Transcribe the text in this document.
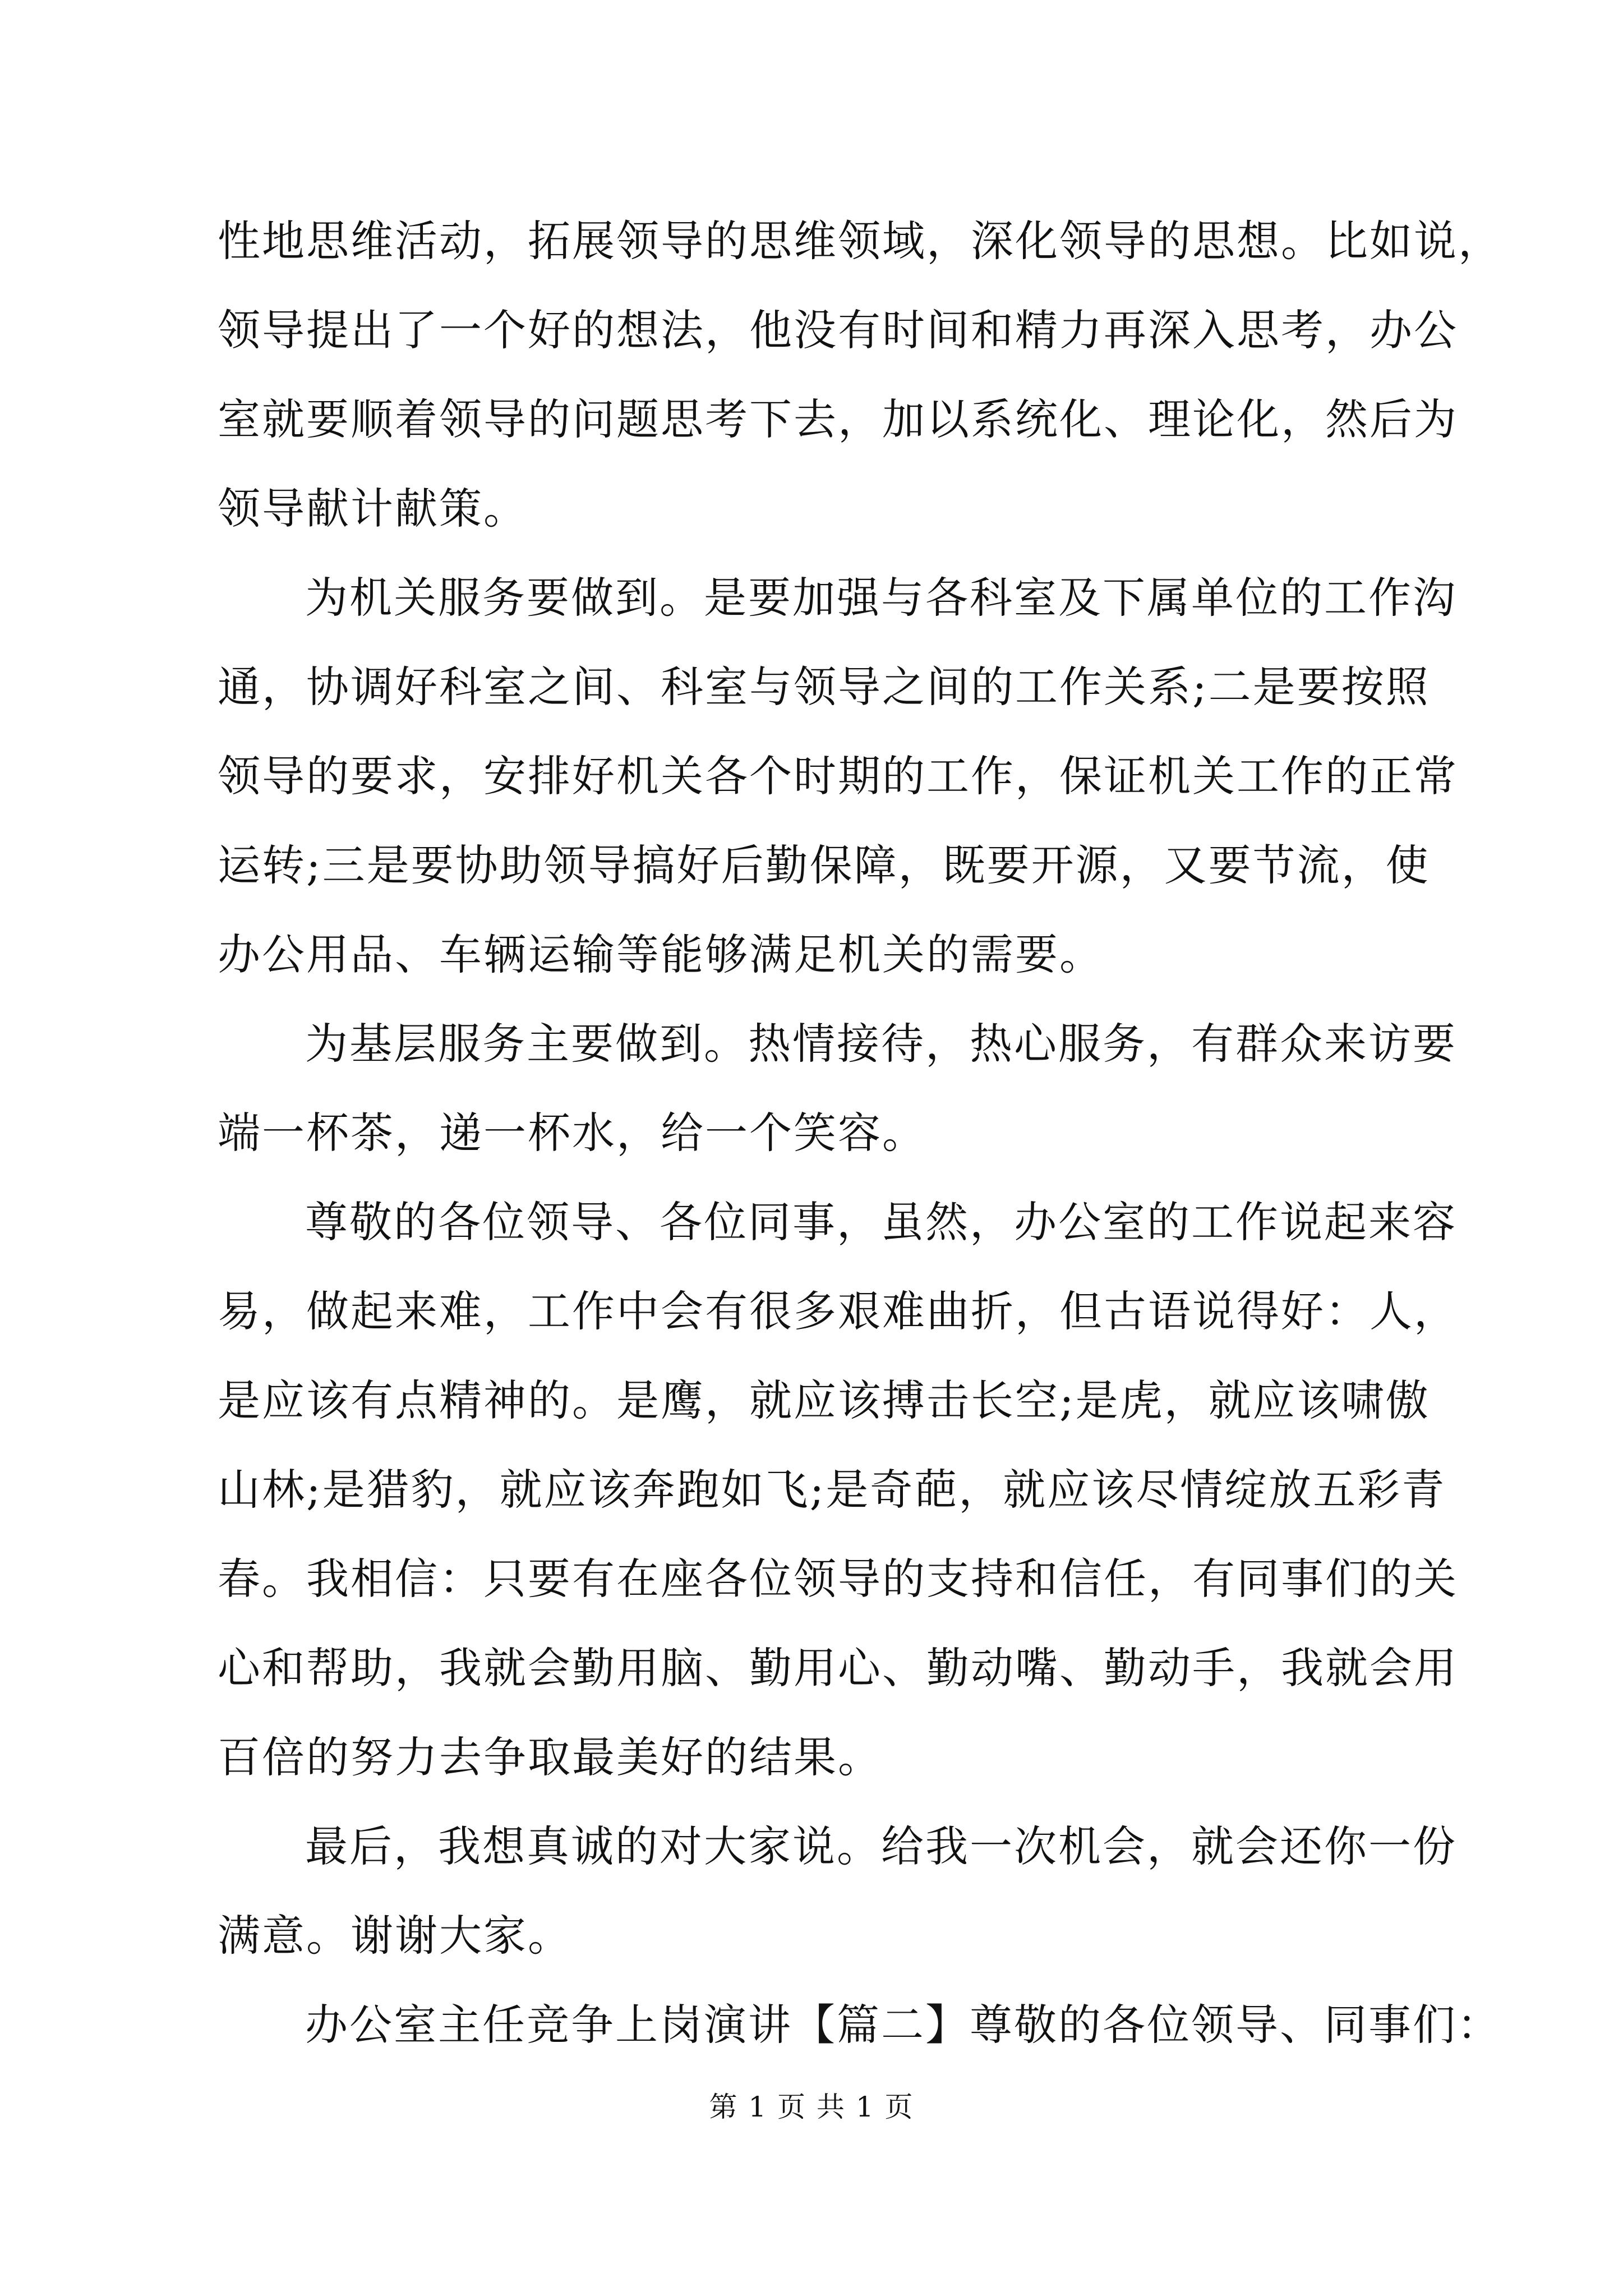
性地思维活动，拓展领导的思维领域，深化领导的思想。比如说，
领导提出了一个好的想法，他没有时间和精力再深入思考，办公
室就要顺着领导的问题思考下去，加以系统化、理论化，然后为
领导献计献策。
为机关服务要做到。是要加强与各科室及下属单位的工作沟
通，协调好科室之间、科室与领导之间的工作关系;二是要按照
领导的要求，安排好机关各个时期的工作，保证机关工作的正常
运转;三是要协助领导搞好后勤保障，既要开源，又要节流，使
办公用品、车辆运输等能够满足机关的需要。
为基层服务主要做到。热情接待，热心服务，有群众来访要
端一杯茶，递一杯水，给一个笑容。
尊敬的各位领导、各位同事，虽然，办公室的工作说起来容
易，做起来难，工作中会有很多艰难曲折，但古语说得好：人，
是应该有点精神的。是鹰，就应该搏击长空;是虎，就应该啸傲
山林;是猎豹，就应该奔跑如飞;是奇葩，就应该尽情绽放五彩青
春。我相信：只要有在座各位领导的支持和信任，有同事们的关
心和帮助，我就会勤用脑、勤用心、勤动嘴、勤动手，我就会用
百倍的努力去争取最美好的结果。
最后，我想真诚的对大家说。给我一次机会，就会还你一份
满意。谢谢大家。
办公室主任竞争上岗演讲【篇二】尊敬的各位领导、同事们：
第 1 页 共 1 页
